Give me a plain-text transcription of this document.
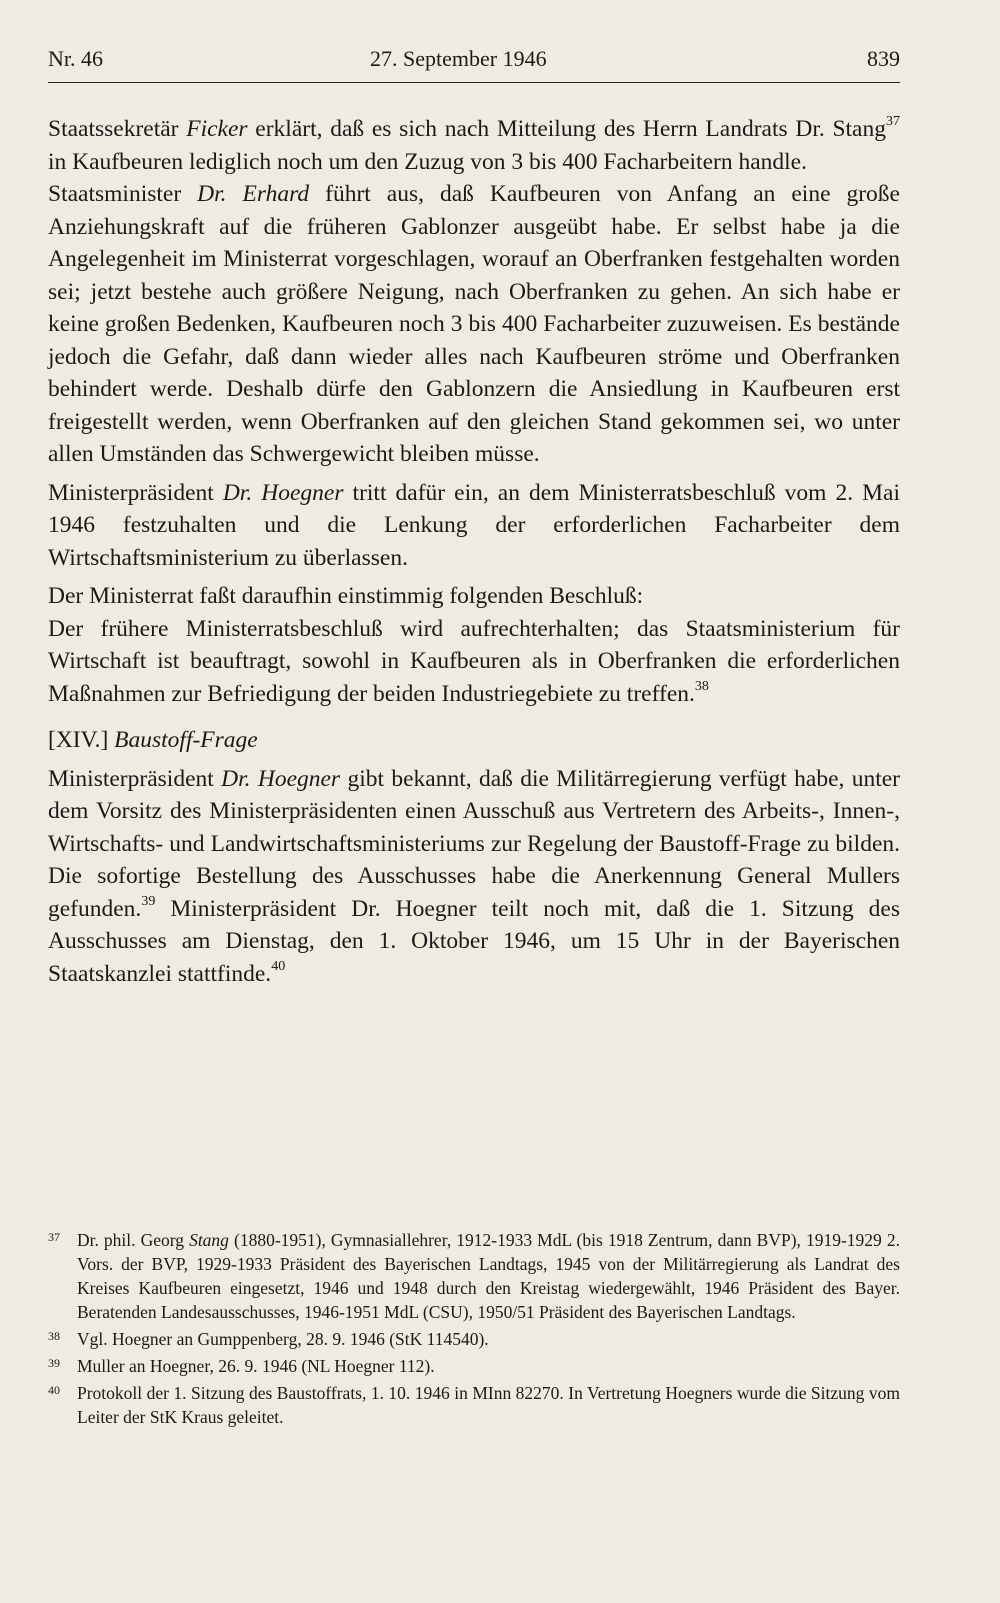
Nr. 46	27. September 1946	839

Staatssekretär Ficker erklärt, daß es sich nach Mitteilung des Herrn Landrats Dr. Stang$^{37}$ in Kaufbeuren lediglich noch um den Zuzug von 3 bis 400 Facharbeitern handle.

Staatsminister Dr. Erhard führt aus, daß Kaufbeuren von Anfang an eine große Anziehungskraft auf die früheren Gablonzer ausgeübt habe. Er selbst habe ja die Angelegenheit im Ministerrat vorgeschlagen, worauf an Oberfranken festgehalten worden sei; jetzt bestehe auch größere Neigung, nach Oberfranken zu gehen. An sich habe er keine großen Bedenken, Kaufbeuren noch 3 bis 400 Facharbeiter zuzuweisen. Es bestände jedoch die Gefahr, daß dann wieder alles nach Kaufbeuren ströme und Oberfranken behindert werde. Deshalb dürfe den Gablonzern die Ansiedlung in Kaufbeuren erst freigestellt werden, wenn Oberfranken auf den gleichen Stand gekommen sei, wo unter allen Umständen das Schwergewicht bleiben müsse.

Ministerpräsident Dr. Hoegner tritt dafür ein, an dem Ministerratsbeschluß vom 2. Mai 1946 festzuhalten und die Lenkung der erforderlichen Facharbeiter dem Wirtschaftsministerium zu überlassen.

Der Ministerrat faßt daraufhin einstimmig folgenden Beschluß:

Der frühere Ministerratsbeschluß wird aufrechterhalten; das Staatsministerium für Wirtschaft ist beauftragt, sowohl in Kaufbeuren als in Oberfranken die erforderlichen Maßnahmen zur Befriedigung der beiden Industriegebiete zu treffen.$^{38}$

[XIV.] Baustoff-Frage

Ministerpräsident Dr. Hoegner gibt bekannt, daß die Militärregierung verfügt habe, unter dem Vorsitz des Ministerpräsidenten einen Ausschuß aus Vertretern des Arbeits-, Innen-, Wirtschafts- und Landwirtschaftsministeriums zur Regelung der Baustoff-Frage zu bilden. Die sofortige Bestellung des Ausschusses habe die Anerkennung General Mullers gefunden.$^{39}$ Ministerpräsident Dr. Hoegner teilt noch mit, daß die 1. Sitzung des Ausschusses am Dienstag, den 1. Oktober 1946, um 15 Uhr in der Bayerischen Staatskanzlei stattfinde.$^{40}$

37 Dr. phil. Georg Stang (1880-1951), Gymnasiallehrer, 1912-1933 MdL (bis 1918 Zentrum, dann BVP), 1919-1929 2. Vors. der BVP, 1929-1933 Präsident des Bayerischen Landtags, 1945 von der Militärregierung als Landrat des Kreises Kaufbeuren eingesetzt, 1946 und 1948 durch den Kreistag wiedergewählt, 1946 Präsident des Bayer. Beratenden Landesausschusses, 1946-1951 MdL (CSU), 1950/51 Präsident des Bayerischen Landtags.

38 Vgl. Hoegner an Gumppenberg, 28. 9. 1946 (StK 114540).

39 Muller an Hoegner, 26. 9. 1946 (NL Hoegner 112).

40 Protokoll der 1. Sitzung des Baustoffrats, 1. 10. 1946 in MInn 82270. In Vertretung Hoegners wurde die Sitzung vom Leiter der StK Kraus geleitet.
